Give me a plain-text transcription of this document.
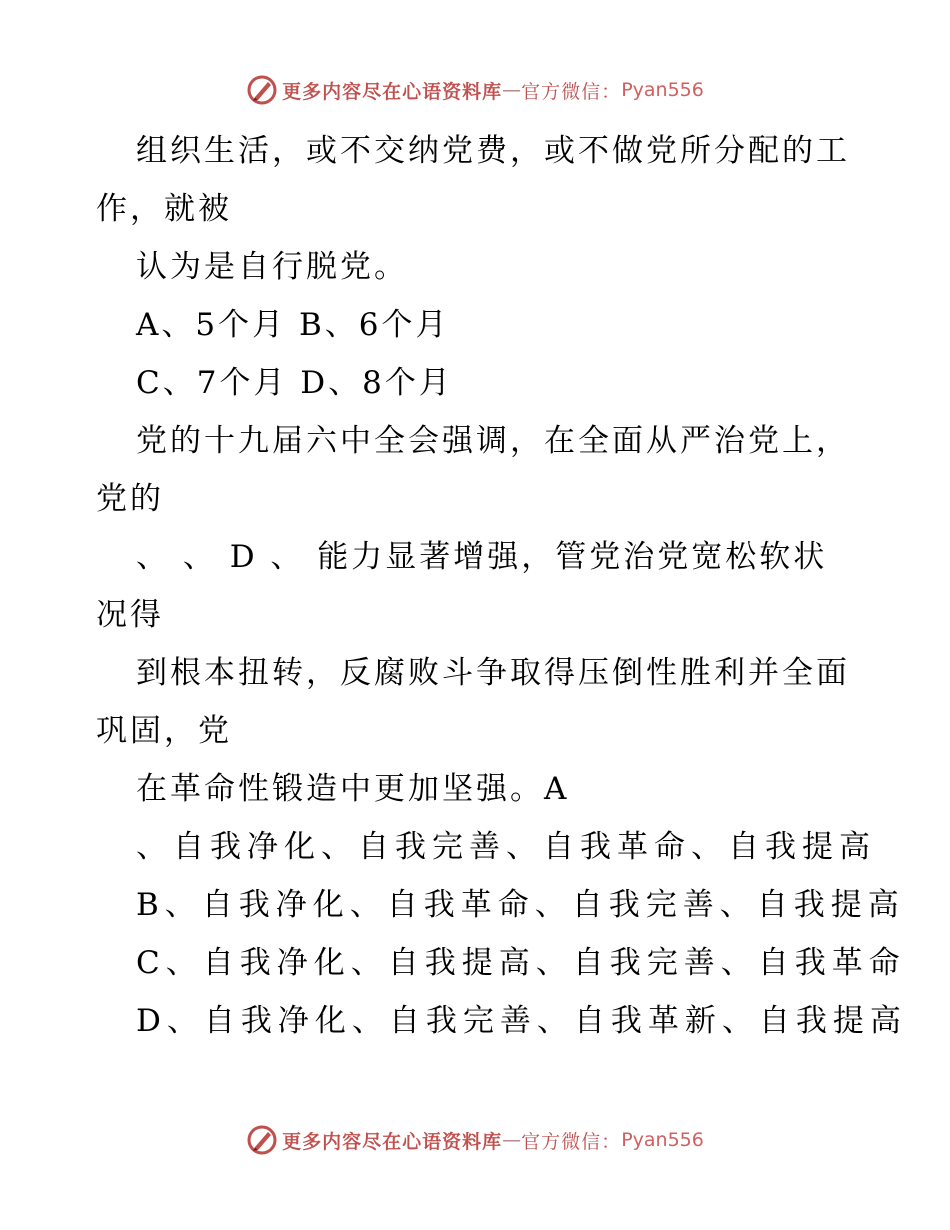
更多内容尽在心语资料库 — 官方微信： Pyan556
组织生活，或不交纳党费，或不做党所分配的工
作，就被
认为是自行脱党。
A、5个月 B、6个月
C、7个月 D、8个月
党的十九届六中全会强调，在全面从严治党上，
党的
、 、 D 、 能力显著增强，管党治党宽松软状
况得
到根本扭转，反腐败斗争取得压倒性胜利并全面
巩固，党
在革命性锻造中更加坚强。A
、自我净化、自我完善、自我革命、自我提高
B、自我净化、自我革命、自我完善、自我提高
C、自我净化、自我提高、自我完善、自我革命
D、自我净化、自我完善、自我革新、自我提高
更多内容尽在心语资料库 — 官方微信： Pyan556
